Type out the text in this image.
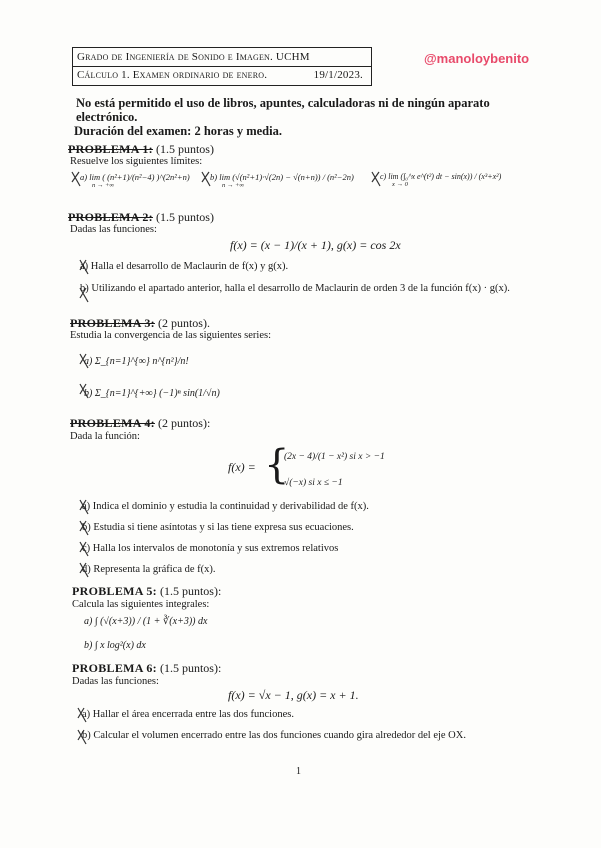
Grado de Ingeniería de Sonido e Imagen. UCHM
Cálculo 1. Examen ordinario de enero.	19/1/2023.
@manoloybenito
No está permitido el uso de libros, apuntes, calculadoras ni de ningún aparato electrónico.
Duración del examen: 2 horas y media.
PROBLEMA 1: (1.5 puntos)
Resuelve los siguientes límites:
a) lim ( (n²+1)/(n²−4) )^(2n²+n)
n → +∞
b) lim (√(n²+1)·√(2n) − √(n+n)) / (n²−2n)
n → +∞
c) lim (∫₀^x e^(t²) dt − sin(x)) / (x³+x²)
x → 0
PROBLEMA 2: (1.5 puntos)
Dadas las funciones:
f(x) = (x − 1)/(x + 1), g(x) = cos 2x
a) Halla el desarrollo de Maclaurin de f(x) y g(x).
b) Utilizando el apartado anterior, halla el desarrollo de Maclaurin de orden 3 de la función f(x) · g(x).
PROBLEMA 3: (2 puntos).
Estudia la convergencia de las siguientes series:
a) Σ_{n=1}^{∞} n^{n²}/n!
b) Σ_{n=1}^{+∞} (−1)ⁿ sin(1/√n)
PROBLEMA 4: (2 puntos):
Dada la función:
f(x) = {
(2x − 4)/(1 − x²) si x > −1
√(−x) si x ≤ −1
a) Indica el dominio y estudia la continuidad y derivabilidad de f(x).
b) Estudia si tiene asíntotas y si las tiene expresa sus ecuaciones.
c) Halla los intervalos de monotonía y sus extremos relativos
d) Representa la gráfica de f(x).
PROBLEMA 5: (1.5 puntos):
Calcula las siguientes integrales:
a) ∫ (√(x+3)) / (1 + ∛(x+3)) dx
b) ∫ x log²(x) dx
PROBLEMA 6: (1.5 puntos):
Dadas las funciones:
f(x) = √x − 1, g(x) = x + 1.
a) Hallar el área encerrada entre las dos funciones.
b) Calcular el volumen encerrado entre las dos funciones cuando gira alrededor del eje OX.
1
